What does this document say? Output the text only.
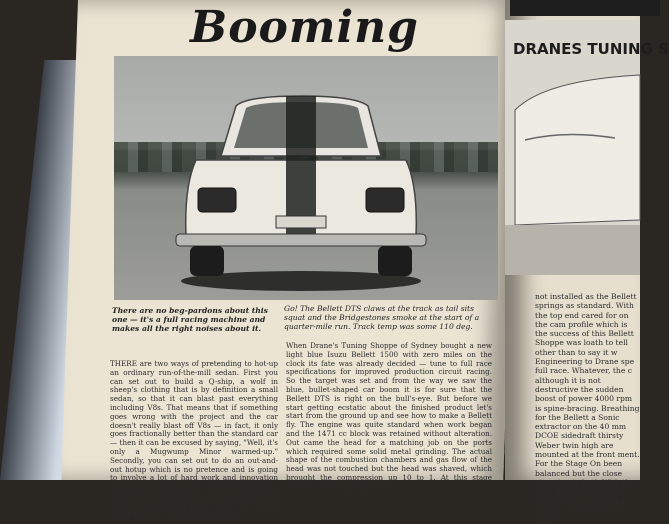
Booming
There are no beg-pardons about this one — it's a full racing machine and makes all the right noises about it.
Go! The Bellett DTS claws at the track as tail sits squat and the Bridgestones smoke at the start of a quarter-mile run. Track temp was some 110 deg.
THERE are two ways of pretending to hot-up an ordinary run-of-the-mill sedan. First you can set out to build a Q-ship, a wolf in sheep's clothing that is by definition a small sedan, so that it can blast past everything including V8s. That means that if something goes wrong with the project and the car doesn't really blast off V8s — in fact, it only goes fractionally better than the standard car — then it can be excused by saying, "Well, it's only a Mugwump Minor warmed-up." Secondly, you can set out to do an out-and-out hotup which is no pretence and is going to involve a lot of hard work and innovation to make it really go well. Then if it doesn't go, there are no beg pardons. At least two of the stories on following pages subscribe to the first formula — for this story, not so.
When Drane's Tuning Shoppe of Sydney bought a new light blue Isuzu Bellett 1500 with zero miles on the clock its fate was already decided — tune to full race specifications for improved production circuit racing. So the target was set and from the way we saw the blue, bullet-shaped car boom it is for sure that the Bellett DTS is right on the bull's-eye. But before we start getting ecstatic about the finished product let's start from the ground up and see how to make a Bellett fly. The engine was quite standard when work began and the 1471 cc block was retained without alteration. Out came the head for a matching job on the ports which required some solid metal grinding. The actual shape of the combustion chambers and gas flow of the head was not touched but the head was shaved, which brought the compression up 10 to 1. At this stage stronger valve springs were
DRANES TUNING S
not installed as the Bellett springs as standard. With the top end cared for on the cam profile which is the success of this Bellett Shoppe was loath to tell other than to say it w Engineering to Drane spe full race. Whatever, the c although it is not destructive the sudden boost of power 4000 rpm is spine-bracing. Breathing for the Bellett a Sonic extractor on the 40 mm DCOE sidedraft thirsty Weber twin high are mounted at the front ment. For the Stage On been balanced but the close attention in both With the light flywheel rpm from idling was turning off a switch, suddenly at low speed
